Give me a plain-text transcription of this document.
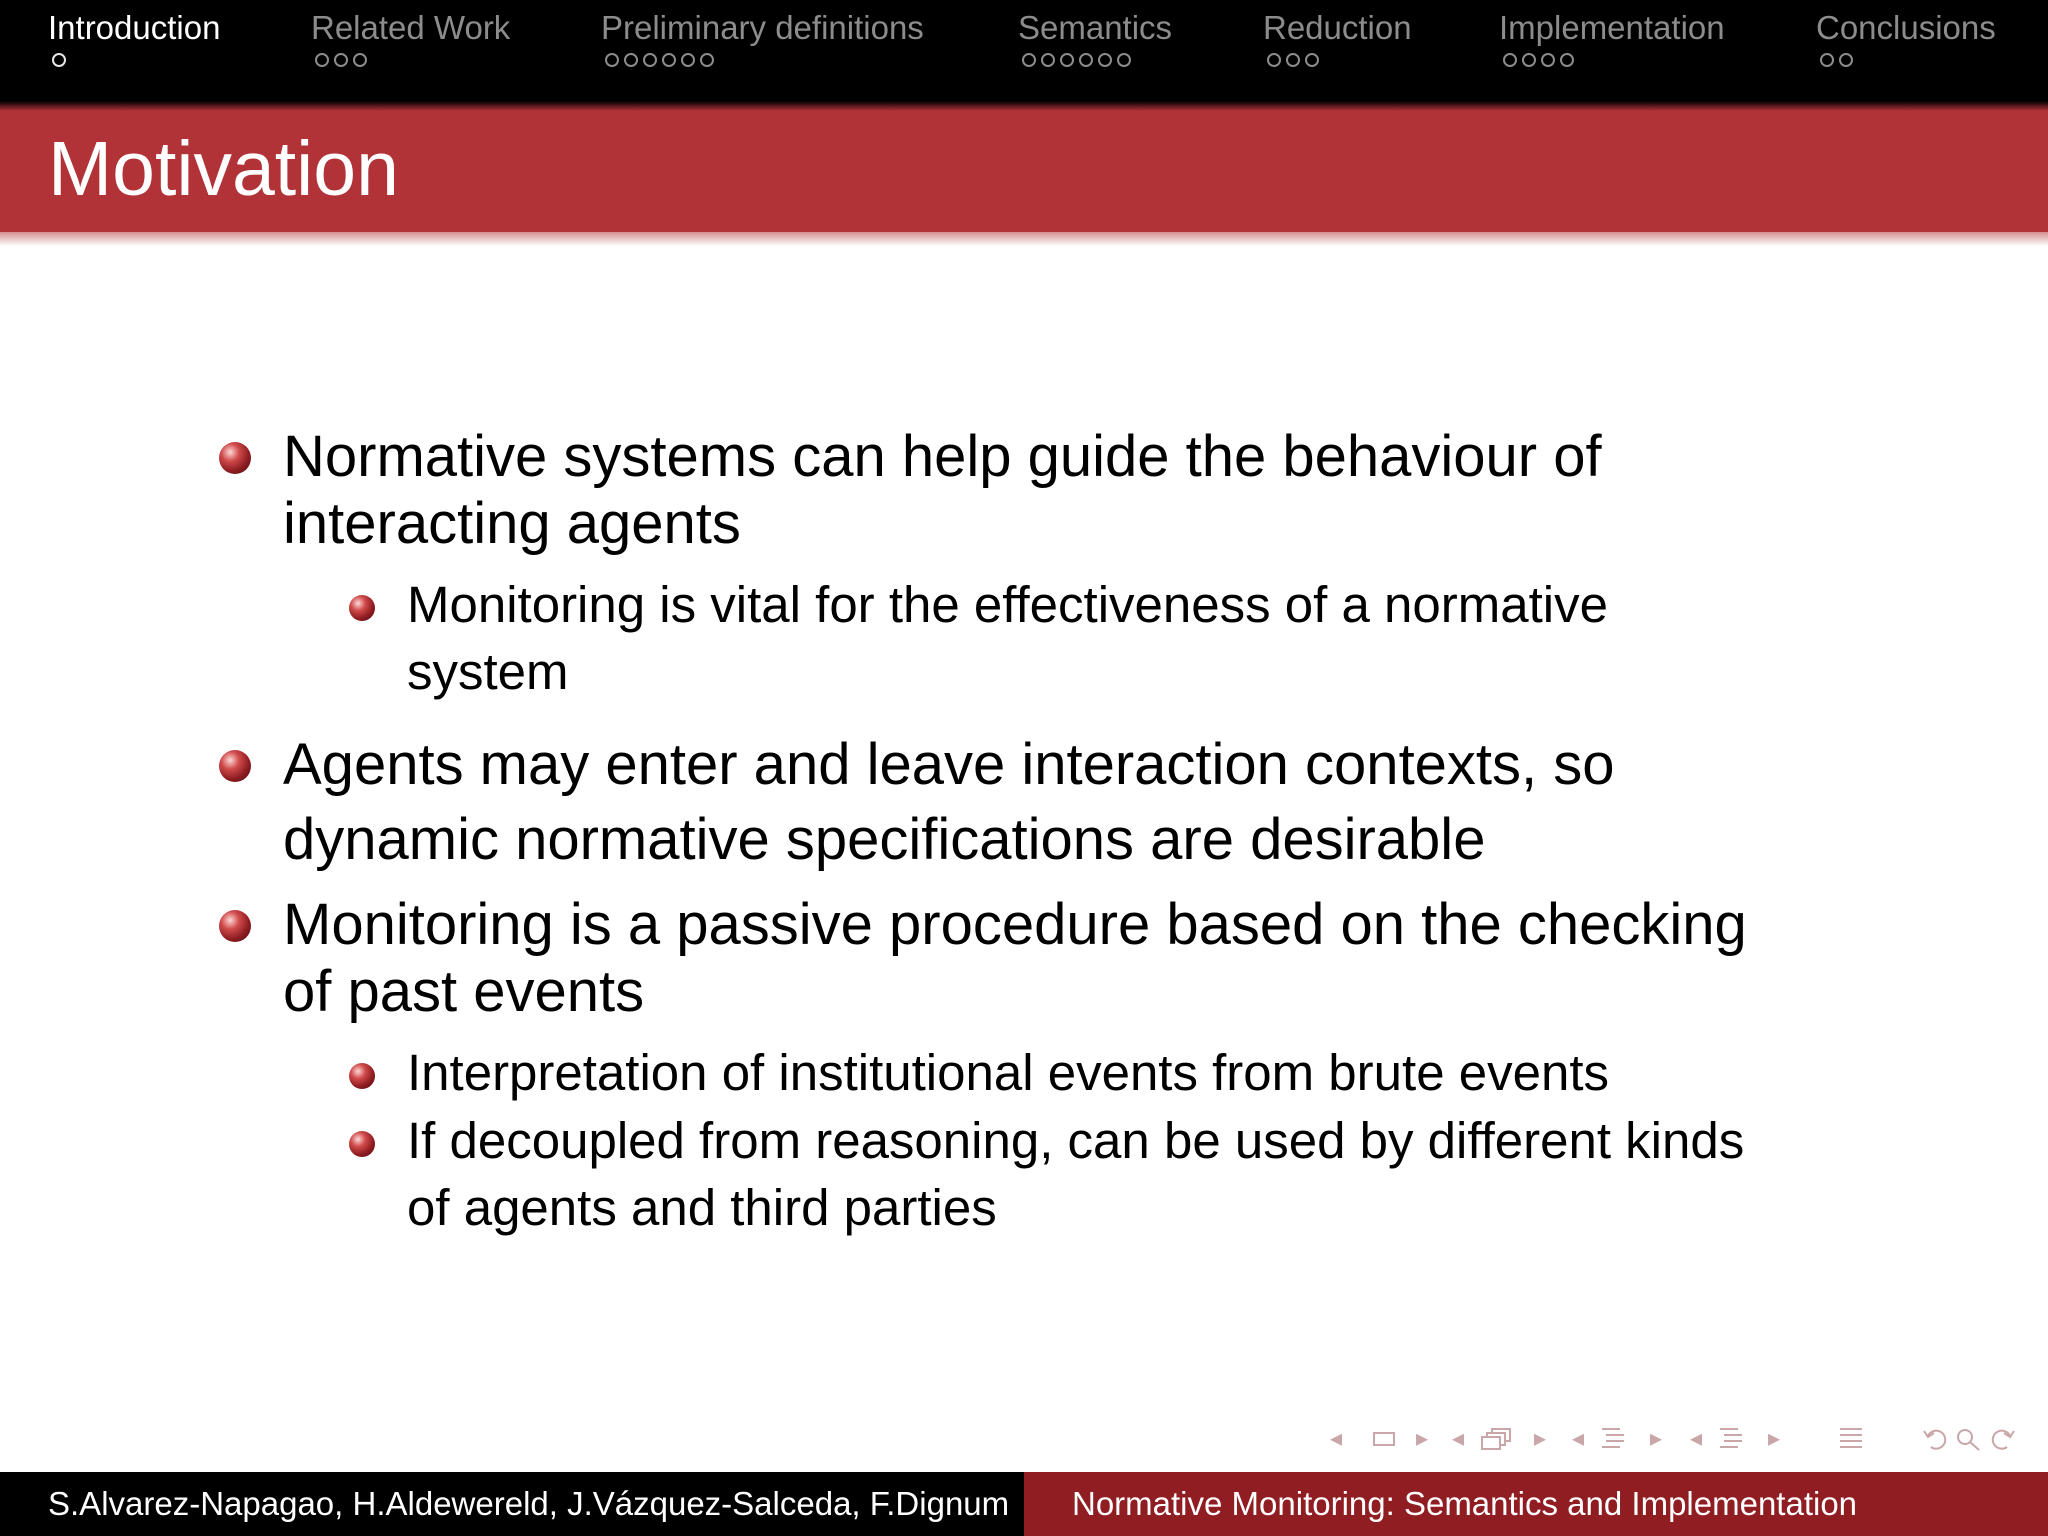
Introduction	Related Work	Preliminary definitions	Semantics	Reduction	Implementation	Conclusions
Motivation
Normative systems can help guide the behaviour of
interacting agents
Monitoring is vital for the effectiveness of a normative
system
Agents may enter and leave interaction contexts, so
dynamic normative specifications are desirable
Monitoring is a passive procedure based on the checking
of past events
Interpretation of institutional events from brute events
If decoupled from reasoning, can be used by different kinds
of agents and third parties
◂	▸ ◂	▸ ◂	▸ ◂	▸
S.Alvarez-Napagao, H.Aldewereld, J.Vázquez-Salceda, F.Dignum	Normative Monitoring: Semantics and Implementation
